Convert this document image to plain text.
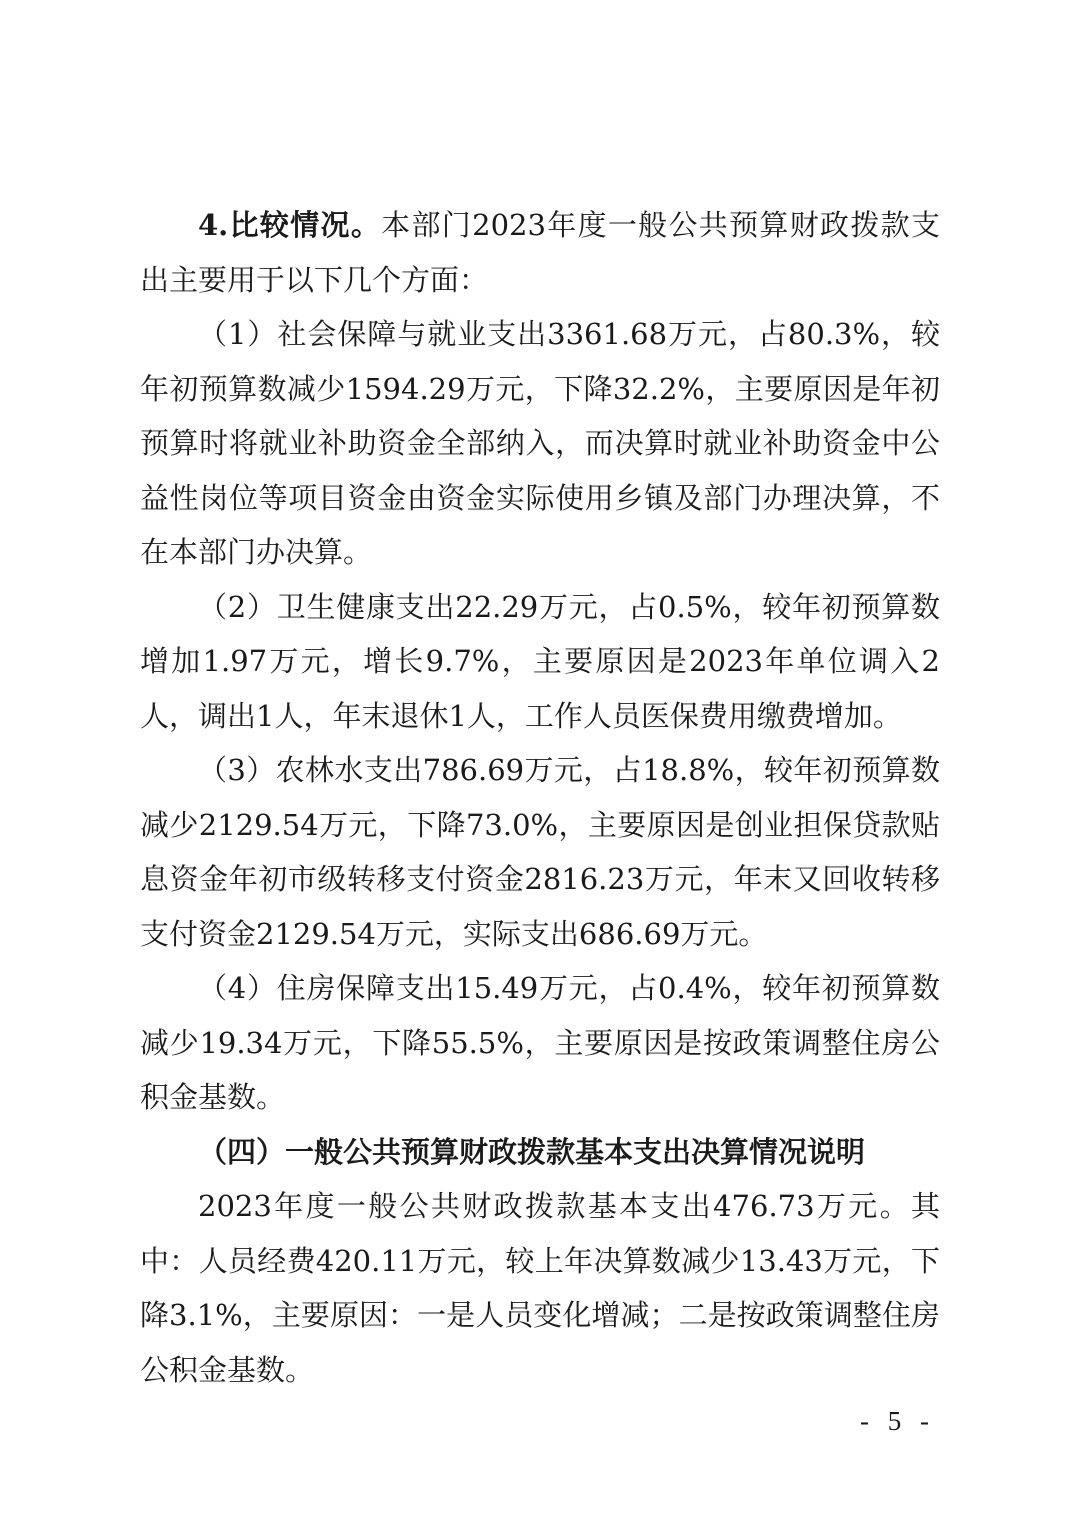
4.比较情况。本部门2023年度一般公共预算财政拨款支出主要用于以下几个方面：

（1）社会保障与就业支出3361.68万元，占80.3%，较年初预算数减少1594.29万元，下降32.2%，主要原因是年初预算时将就业补助资金全部纳入，而决算时就业补助资金中公益性岗位等项目资金由资金实际使用乡镇及部门办理决算，不在本部门办决算。

（2）卫生健康支出22.29万元，占0.5%，较年初预算数增加1.97万元，增长9.7%，主要原因是2023年单位调入2人，调出1人，年末退休1人，工作人员医保费用缴费增加。

（3）农林水支出786.69万元，占18.8%，较年初预算数减少2129.54万元，下降73.0%，主要原因是创业担保贷款贴息资金年初市级转移支付资金2816.23万元，年末又回收转移支付资金2129.54万元，实际支出686.69万元。

（4）住房保障支出15.49万元，占0.4%，较年初预算数减少19.34万元，下降55.5%，主要原因是按政策调整住房公积金基数。

（四）一般公共预算财政拨款基本支出决算情况说明

2023年度一般公共财政拨款基本支出476.73万元。其中：人员经费420.11万元，较上年决算数减少13.43万元，下降3.1%，主要原因：一是人员变化增减；二是按政策调整住房公积金基数。

- 5 -
